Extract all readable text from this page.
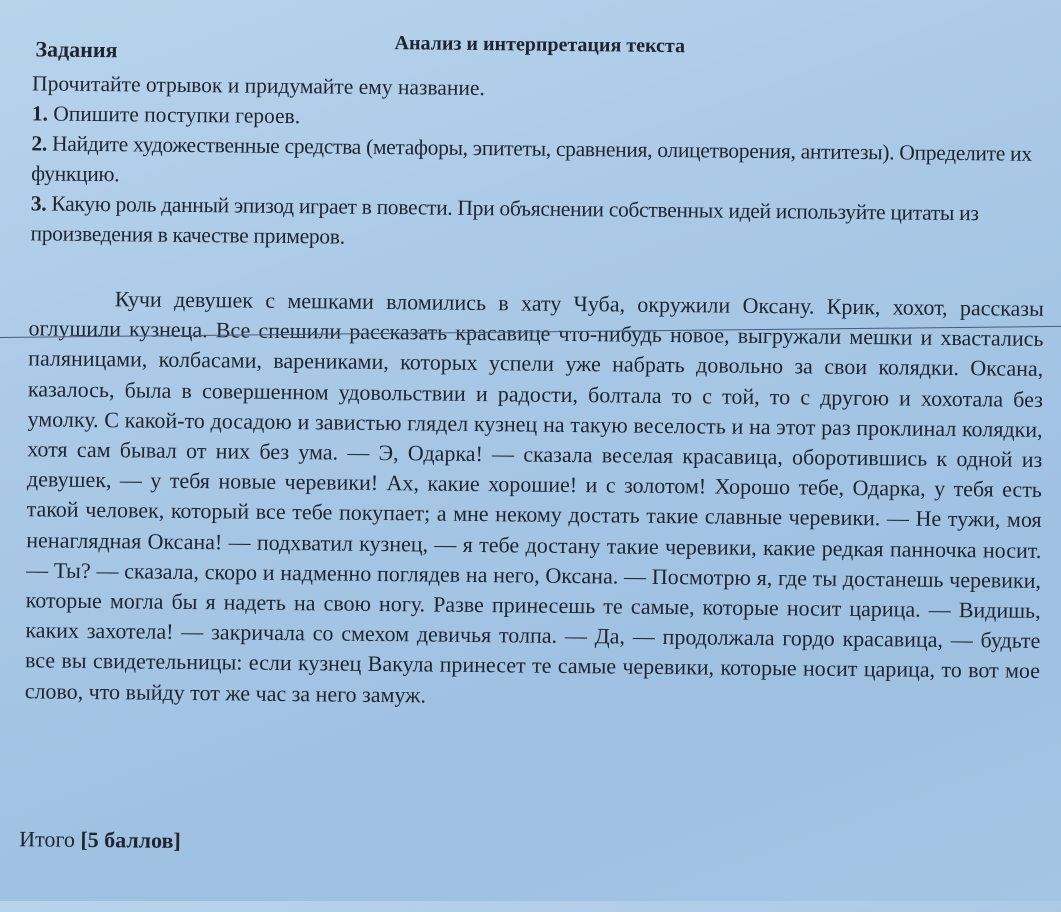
Анализ и интерпретация текста
Задания

Прочитайте отрывок и придумайте ему название.

1. Опишите поступки героев.

2. Найдите художественные средства (метафоры, эпитеты, сравнения, олицетворения, антитезы). Определите их функцию.

3. Какую роль данный эпизод играет в повести. При объяснении собственных идей используйте цитаты из произведения в качестве примеров.

Кучи девушек с мешками вломились в хату Чуба, окружили Оксану. Крик, хохот, рассказы оглушили кузнеца. Все спешили рассказать красавице что-нибудь новое, выгружали мешки и хвастались паляницами, колбасами, варениками, которых успели уже набрать довольно за свои колядки. Оксана, казалось, была в совершенном удовольствии и радости, болтала то с той, то с другою и хохотала без умолку. С какой-то досадою и завистью глядел кузнец на такую веселость и на этот раз проклинал колядки, хотя сам бывал от них без ума. — Э, Одарка! — сказала веселая красавица, оборотившись к одной из девушек, — у тебя новые черевики! Ах, какие хорошие! и с золотом! Хорошо тебе, Одарка, у тебя есть такой человек, который все тебе покупает; а мне некому достать такие славные черевики. — Не тужи, моя ненаглядная Оксана! — подхватил кузнец, — я тебе достану такие черевики, какие редкая панночка носит. — Ты? — сказала, скоро и надменно поглядев на него, Оксана. — Посмотрю я, где ты достанешь черевики, которые могла бы я надеть на свою ногу. Разве принесешь те самые, которые носит царица. — Видишь, каких захотела! — закричала со смехом девичья толпа. — Да, — продолжала гордо красавица, — будьте все вы свидетельницы: если кузнец Вакула принесет те самые черевики, которые носит царица, то вот мое слово, что выйду тот же час за него замуж.

Итого [5 баллов]
